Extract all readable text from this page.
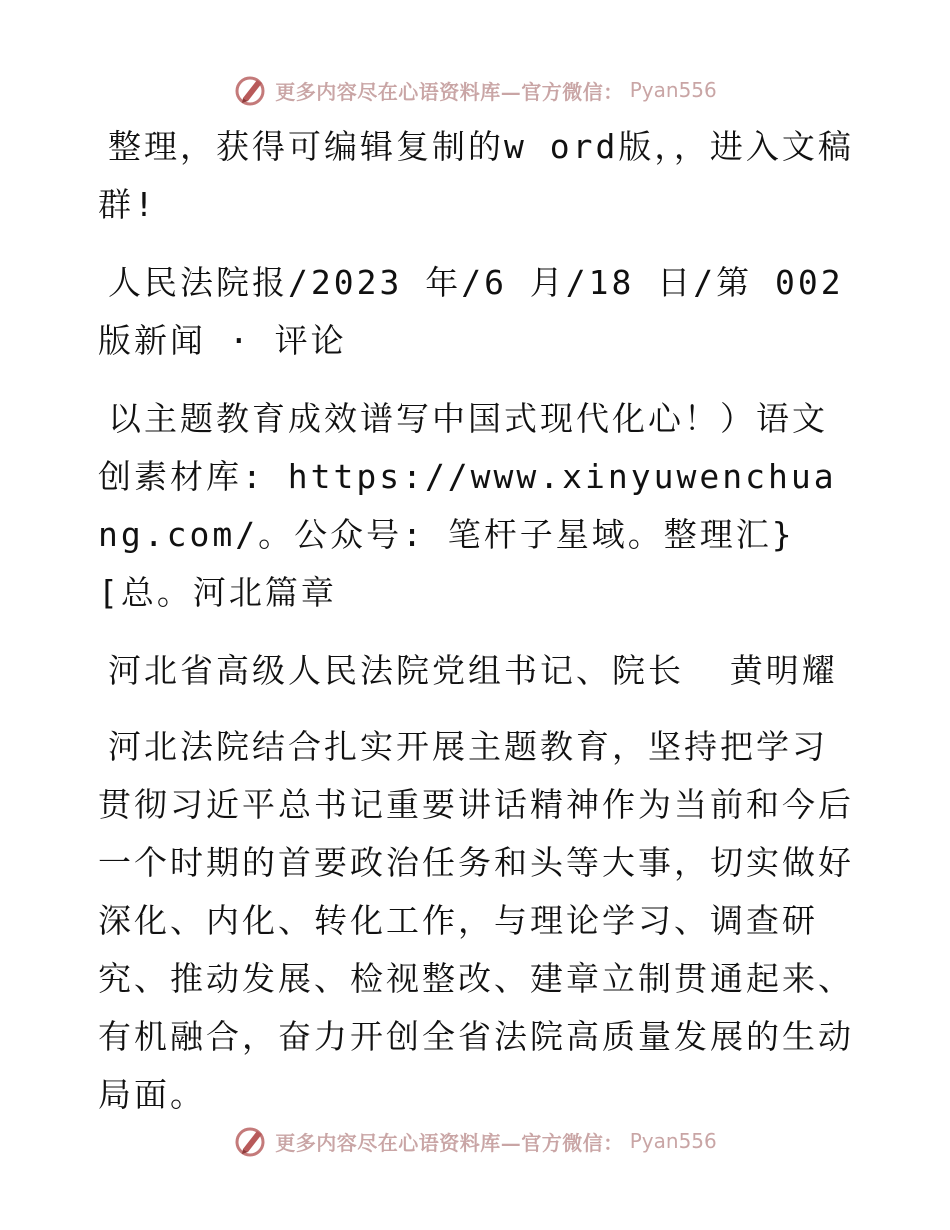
更多内容尽在心语资料库—官方微信： Pyan556

整理，获得可编辑复制的w ord版，，进入文稿群!

人民法院报/2023 年/6 月/18 日/第 002 版新闻 · 评论

以主题教育成效谱写中国式现代化心！）语文创素材库: https://www.xinyuwenchuang.com/。公众号: 笔杆子星域。整理汇}[总。河北篇章

河北省高级人民法院党组书记、院长  黄明耀

河北法院结合扎实开展主题教育，坚持把学习贯彻习近平总书记重要讲话精神作为当前和今后一个时期的首要政治任务和头等大事，切实做好深化、内化、转化工作，与理论学习、调查研究、推动发展、检视整改、建章立制贯通起来、有机融合，奋力开创全省法院高质量发展的生动局面。

更多内容尽在心语资料库—官方微信： Pyan556
